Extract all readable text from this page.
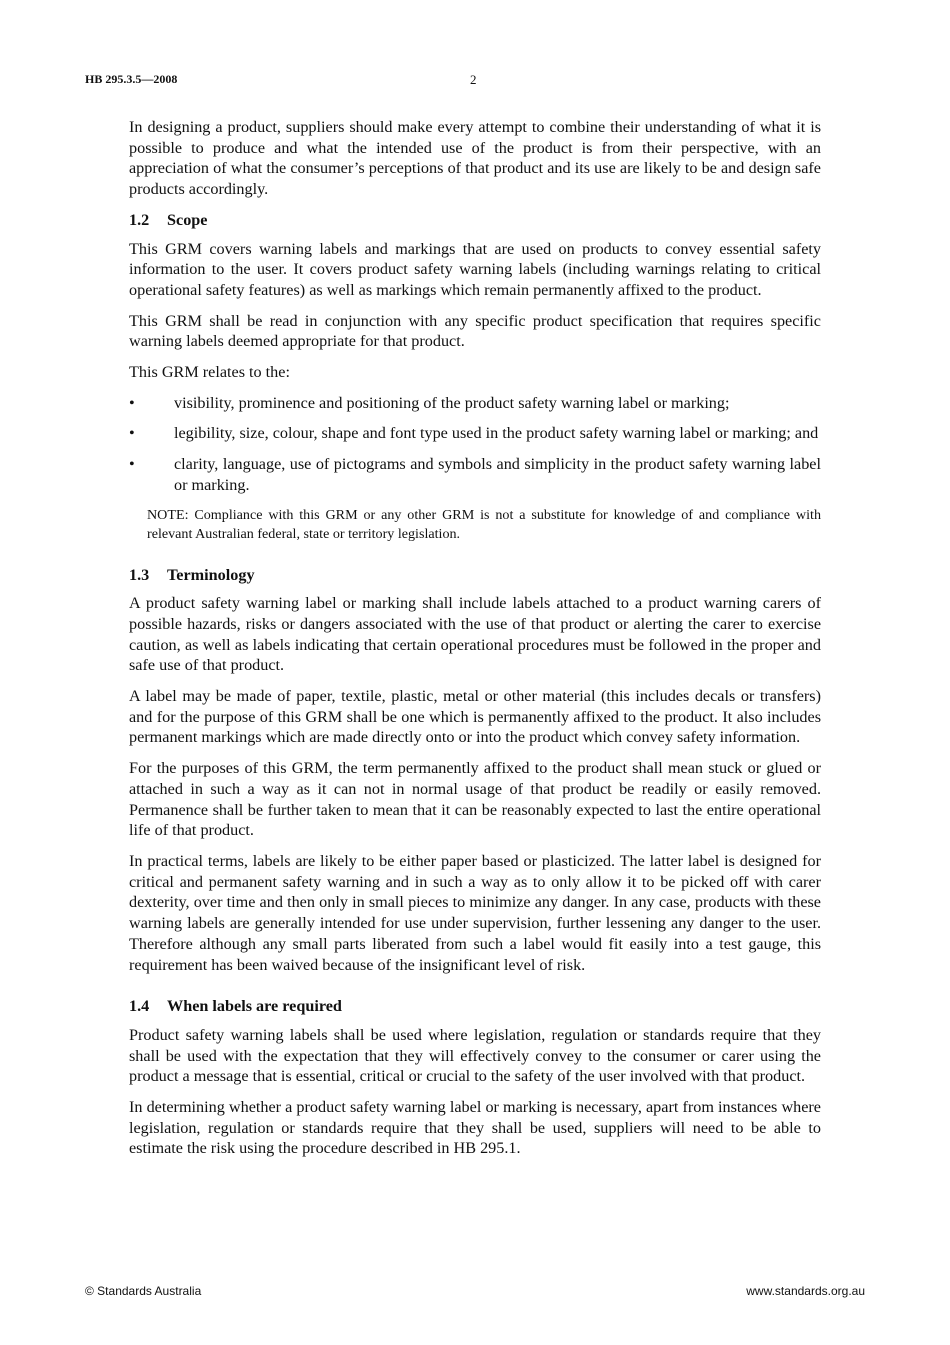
HB 295.3.5—2008	2

In designing a product, suppliers should make every attempt to combine their understanding of what it is possible to produce and what the intended use of the product is from their perspective, with an appreciation of what the consumer’s perceptions of that product and its use are likely to be and design safe products accordingly.

1.2 Scope

This GRM covers warning labels and markings that are used on products to convey essential safety information to the user. It covers product safety warning labels (including warnings relating to critical operational safety features) as well as markings which remain permanently affixed to the product.

This GRM shall be read in conjunction with any specific product specification that requires specific warning labels deemed appropriate for that product.

This GRM relates to the:

• visibility, prominence and positioning of the product safety warning label or marking;
• legibility, size, colour, shape and font type used in the product safety warning label or marking; and
• clarity, language, use of pictograms and symbols and simplicity in the product safety warning label or marking.
NOTE: Compliance with this GRM or any other GRM is not a substitute for knowledge of and compliance with relevant Australian federal, state or territory legislation.
1.3 Terminology

A product safety warning label or marking shall include labels attached to a product warning carers of possible hazards, risks or dangers associated with the use of that product or alerting the carer to exercise caution, as well as labels indicating that certain operational procedures must be followed in the proper and safe use of that product.

A label may be made of paper, textile, plastic, metal or other material (this includes decals or transfers) and for the purpose of this GRM shall be one which is permanently affixed to the product. It also includes permanent markings which are made directly onto or into the product which convey safety information.

For the purposes of this GRM, the term permanently affixed to the product shall mean stuck or glued or attached in such a way as it can not in normal usage of that product be readily or easily removed. Permanence shall be further taken to mean that it can be reasonably expected to last the entire operational life of that product.

In practical terms, labels are likely to be either paper based or plasticized. The latter label is designed for critical and permanent safety warning and in such a way as to only allow it to be picked off with carer dexterity, over time and then only in small pieces to minimize any danger. In any case, products with these warning labels are generally intended for use under supervision, further lessening any danger to the user. Therefore although any small parts liberated from such a label would fit easily into a test gauge, this requirement has been waived because of the insignificant level of risk.

1.4 When labels are required

Product safety warning labels shall be used where legislation, regulation or standards require that they shall be used with the expectation that they will effectively convey to the consumer or carer using the product a message that is essential, critical or crucial to the safety of the user involved with that product.

In determining whether a product safety warning label or marking is necessary, apart from instances where legislation, regulation or standards require that they shall be used, suppliers will need to be able to estimate the risk using the procedure described in HB 295.1.

© Standards Australia	www.standards.org.au
